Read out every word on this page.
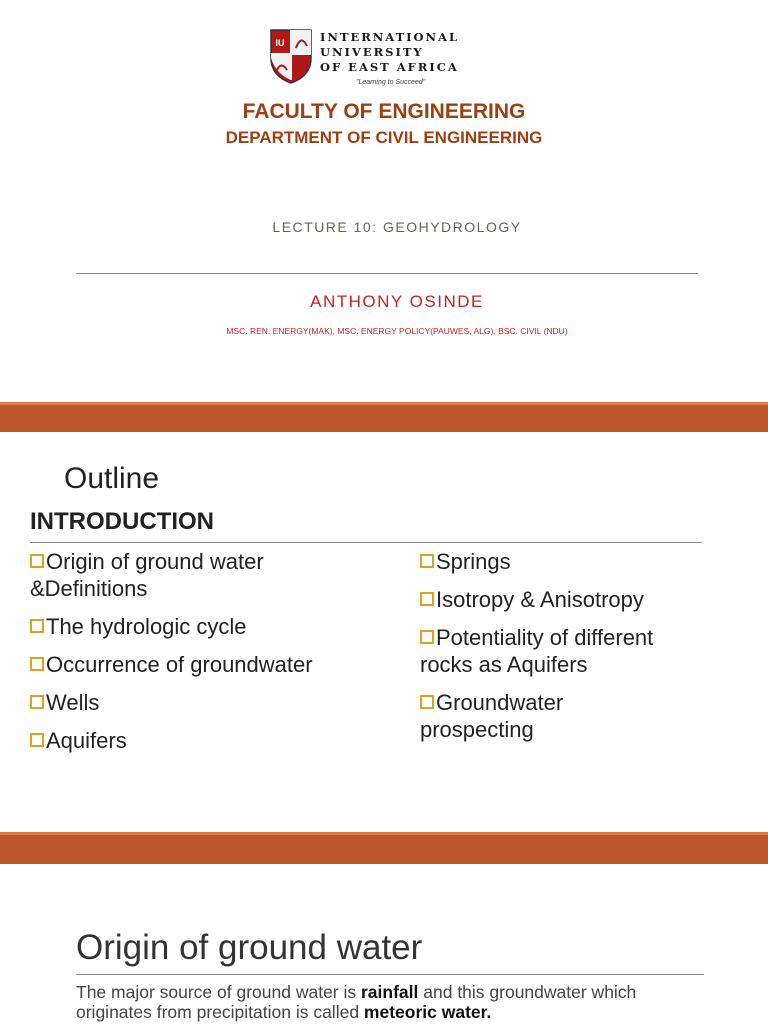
IU
EA
INTERNATIONAL
UNIVERSITY
OF EAST AFRICA
"Learning to Succeed"
FACULTY OF ENGINEERING
DEPARTMENT OF CIVIL ENGINEERING
LECTURE 10: GEOHYDROLOGY
ANTHONY OSINDE
MSC. REN. ENERGY(MAK), MSC. ENERGY POLICY(PAUWES, ALG), BSC. CIVIL (NDU)
Outline
INTRODUCTION
Origin of ground water
&Definitions
The hydrologic cycle
Occurrence of groundwater
Wells
Aquifers
Springs
Isotropy & Anisotropy
Potentiality of different
rocks as Aquifers
Groundwater
prospecting
Origin of ground water
The major source of ground water is rainfall and this groundwater which originates from precipitation is called meteoric water.
